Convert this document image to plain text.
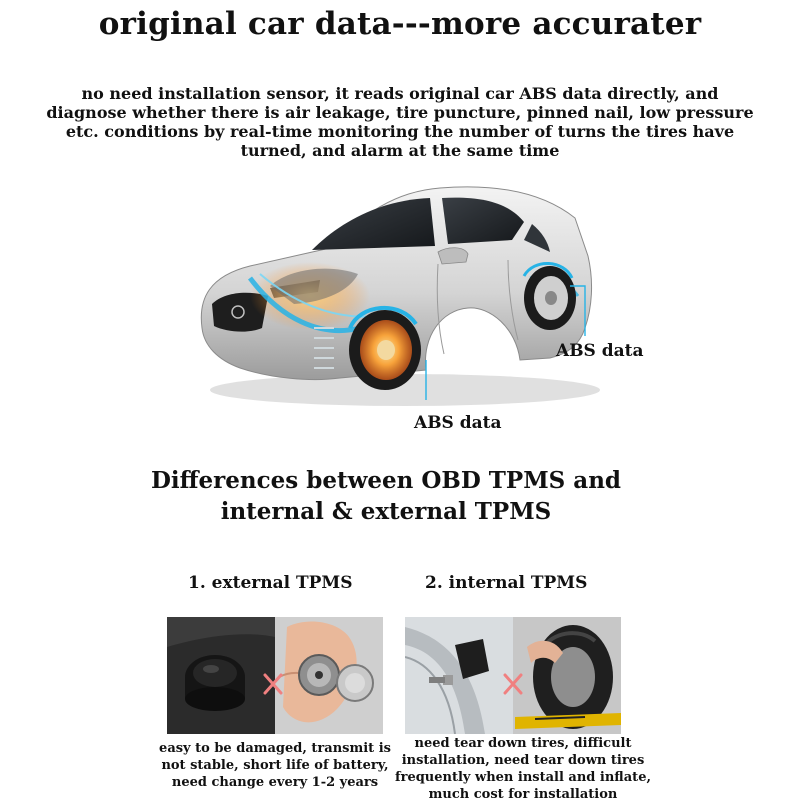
original car data---more accurater
no need installation sensor, it reads original car ABS data directly, and diagnose whether there is air leakage, tire puncture, pinned nail, low pressure etc. conditions by real-time monitoring the number of turns the tires have turned, and alarm at the same time
ABS data
ABS data
Differences between OBD TPMS and
internal & external TPMS
1. external TPMS	2. internal TPMS
easy to be damaged, transmit is not stable, short life of battery, need change every 1-2 years
need tear down tires, difficult installation, need tear down tires frequently when install and inflate, much cost for installation
